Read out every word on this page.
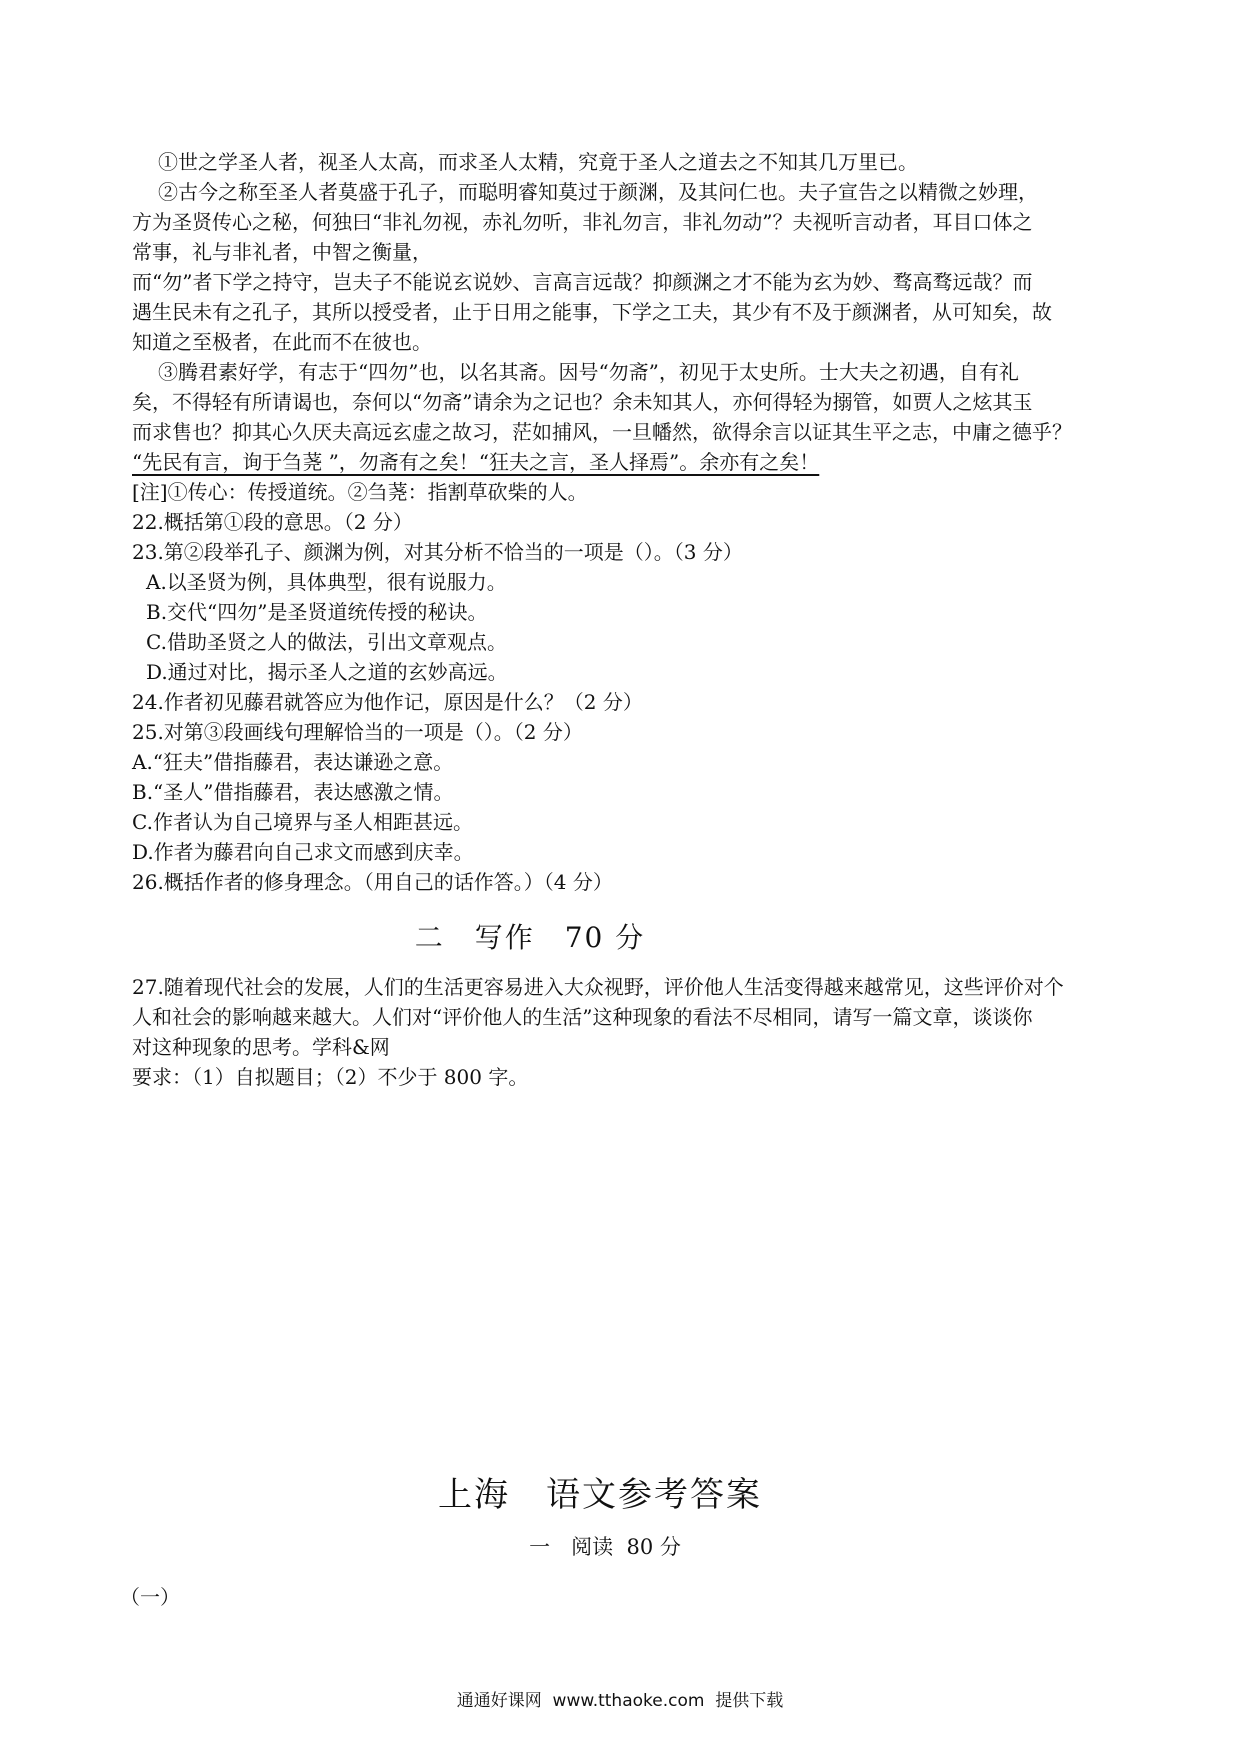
①世之学圣人者，视圣人太高，而求圣人太精，究竟于圣人之道去之不知其几万里已。
②古今之称至圣人者莫盛于孔子，而聪明睿知莫过于颜渊，及其问仁也。夫子宣告之以精微之妙理，
方为圣贤传心之秘，何独曰“非礼勿视，赤礼勿听，非礼勿言，非礼勿动”？夫视听言动者，耳目口体之
常事，礼与非礼者，中智之衡量，
而“勿”者下学之持守，岂夫子不能说玄说妙、言高言远哉？抑颜渊之才不能为玄为妙、骛高骛远哉？而
遇生民未有之孔子，其所以授受者，止于日用之能事，下学之工夫，其少有不及于颜渊者，从可知矣，故
知道之至极者，在此而不在彼也。
③腾君素好学，有志于“四勿”也，以名其斋。因号“勿斋”，初见于太史所。士大夫之初遇，自有礼
矣，不得轻有所请谒也，奈何以“勿斋”请余为之记也？余未知其人，亦何得轻为搦管，如贾人之炫其玉
而求售也？抑其心久厌夫高远玄虚之故习，茫如捕风，一旦幡然，欲得余言以证其生平之志，中庸之德乎？
“先民有言，询于刍荛 ”，勿斋有之矣！“狂夫之言，圣人择焉”。余亦有之矣！
[注]①传心：传授道统。②刍荛：指割草砍柴的人。
22.概括第①段的意思。（2 分）
23.第②段举孔子、颜渊为例，对其分析不恰当的一项是（）。（3 分）
A.以圣贤为例，具体典型，很有说服力。
B.交代“四勿”是圣贤道统传授的秘诀。
C.借助圣贤之人的做法，引出文章观点。
D.通过对比，揭示圣人之道的玄妙高远。
24.作者初见藤君就答应为他作记，原因是什么？（2 分）
25.对第③段画线句理解恰当的一项是（）。（2 分）
A.“狂夫”借指藤君，表达谦逊之意。
B.“圣人”借指藤君，表达感激之情。
C.作者认为自己境界与圣人相距甚远。
D.作者为藤君向自己求文而感到庆幸。
26.概括作者的修身理念。（用自己的话作答。）（4 分）
二　写作　70 分
27.随着现代社会的发展，人们的生活更容易进入大众视野，评价他人生活变得越来越常见，这些评价对个
人和社会的影响越来越大。人们对“评价他人的生活”这种现象的看法不尽相同，请写一篇文章，谈谈你
对这种现象的思考。学科&网
要求：（1）自拟题目；（2）不少于 800 字。
上海　语文参考答案
一　阅读  80 分
（一）
通通好课网  www.tthaoke.com  提供下载
